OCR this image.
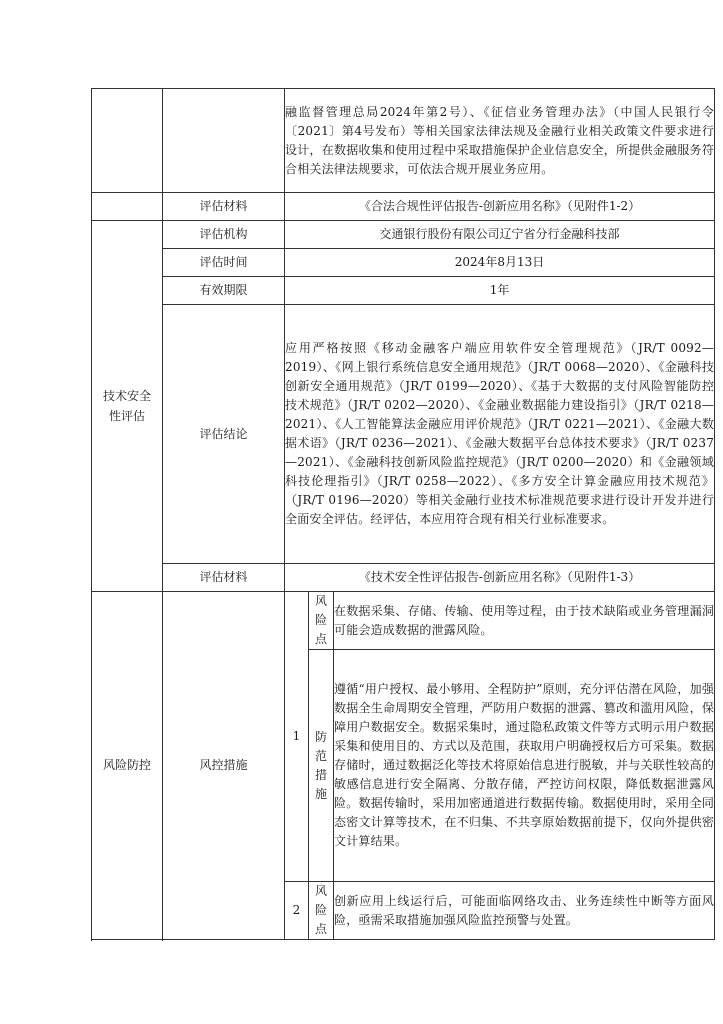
		融监督管理总局2024年第2号）、《征信业务管理办法》（中国人民银行令〔2021〕第4号发布）等相关国家法律法规及金融行业相关政策文件要求进行设计，在数据收集和使用过程中采取措施保护企业信息安全，所提供金融服务符合相关法律法规要求，可依法合规开展业务应用。		
	评估材料	《合法合规性评估报告-创新应用名称》（见附件1-2）		

技术安全性评估	评估机构	交通银行股份有限公司辽宁省分行金融科技部		
	评估时间	2024年8月13日		
	有效期限	1年		
	评估结论	应用严格按照《移动金融客户端应用软件安全管理规范》（JR/T 0092—2019）、《网上银行系统信息安全通用规范》（JR/T 0068—2020）、《金融科技创新安全通用规范》（JR/T 0199—2020）、《基于大数据的支付风险智能防控技术规范》（JR/T 0202—2020）、《金融业数据能力建设指引》（JR/T 0218—2021）、《人工智能算法金融应用评价规范》（JR/T 0221—2021）、《金融大数据术语》（JR/T 0236—2021）、《金融大数据平台总体技术要求》（JR/T 0237—2021）、《金融科技创新风险监控规范》（JR/T 0200—2020）和《金融领域科技伦理指引》（JR/T 0258—2022）、《多方安全计算金融应用技术规范》（JR/T 0196—2020）等相关金融行业技术标准规范要求进行设计开发并进行全面安全评估。经评估，本应用符合现有相关行业标准要求。		
	评估材料	《技术安全性评估报告-创新应用名称》（见附件1-3）		
风险防控	风控措施	1	风险点	在数据采集、存储、传输、使用等过程，由于技术缺陷或业务管理漏洞可能会造成数据的泄露风险。

			防范措施	遵循“用户授权、最小够用、全程防护”原则，充分评估潜在风险，加强数据全生命周期安全管理，严防用户数据的泄露、篡改和滥用风险，保障用户数据安全。数据采集时，通过隐私政策文件等方式明示用户数据采集和使用目的、方式以及范围，获取用户明确授权后方可采集。数据存储时，通过数据泛化等技术将原始信息进行脱敏，并与关联性较高的敏感信息进行安全隔离、分散存储，严控访问权限，降低数据泄露风险。数据传输时，采用加密通道进行数据传输。数据使用时，采用全同态密文计算等技术，在不归集、不共享原始数据前提下，仅向外提供密文计算结果。
		2	风险点	创新应用上线运行后，可能面临网络攻击、业务连续性中断等方面风险，亟需采取措施加强风险监控预警与处置。
